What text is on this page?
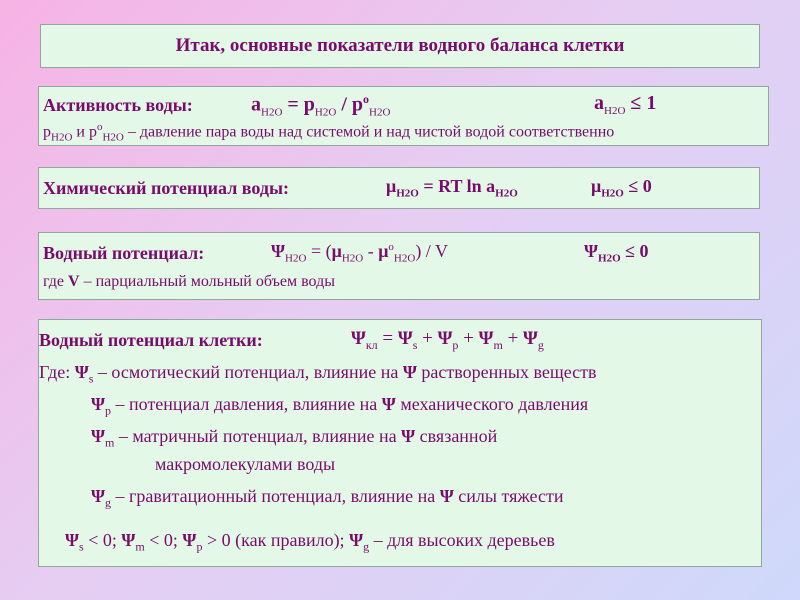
Итак, основные показатели водного баланса клетки
Активность воды:	$a_{H2O} = p_{H2O} / p^o_{H2O}$	$a_{H2O} \le 1$
$p_{H2O}$ и $p^o_{H2O}$ – давление пара воды над системой и над чистой водой соответственно
Химический потенциал воды:	$\mu_{H2O}$ = RT $\ln a_{H2O}$	$\mu_{H2O} \le 0$
Водный потенциал:	$\Psi_{H2O} = (\mu_{H2O} - \mu^o_{H2O}) / V$	$\Psi_{H2O} \le 0$
где V – парциальный мольный объем воды
Водный потенциал клетки:	$\Psi_{кл} = \Psi_s + \Psi_p + \Psi_m + \Psi_g$
Где: $\Psi_s$ – осмотический потенциал, влияние на Ψ растворенных веществ
$\Psi_p$ – потенциал давления, влияние на Ψ механического давления
$\Psi_m$ – матричный потенциал, влияние на Ψ связанной
макромолекулами воды
$\Psi_g$ – гравитационный потенциал, влияние на Ψ силы тяжести
$\Psi_s < 0$; $\Psi_m < 0$; $\Psi_p > 0$ (как правило); $\Psi_g$ – для высоких деревьев
